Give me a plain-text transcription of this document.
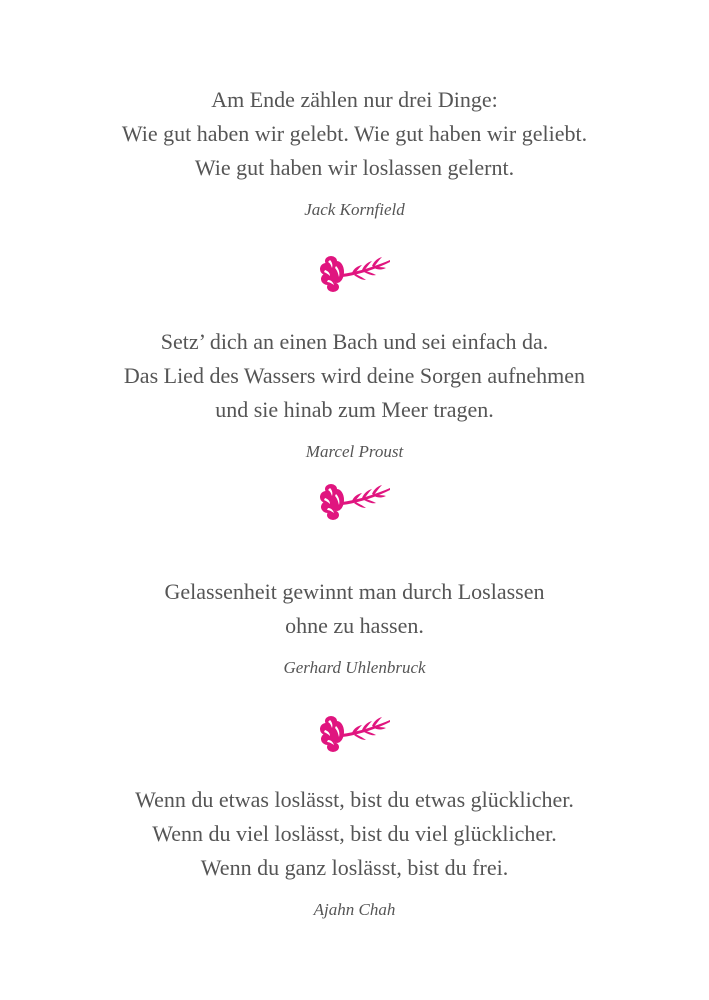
Am Ende zählen nur drei Dinge:
Wie gut haben wir gelebt. Wie gut haben wir geliebt.
Wie gut haben wir loslassen gelernt.
Jack Kornfield
Setz’ dich an einen Bach und sei einfach da.
Das Lied des Wassers wird deine Sorgen aufnehmen
und sie hinab zum Meer tragen.
Marcel Proust
Gelassenheit gewinnt man durch Loslassen
ohne zu hassen.
Gerhard Uhlenbruck
Wenn du etwas loslässt, bist du etwas glücklicher.
Wenn du viel loslässt, bist du viel glücklicher.
Wenn du ganz loslässt, bist du frei.
Ajahn Chah
